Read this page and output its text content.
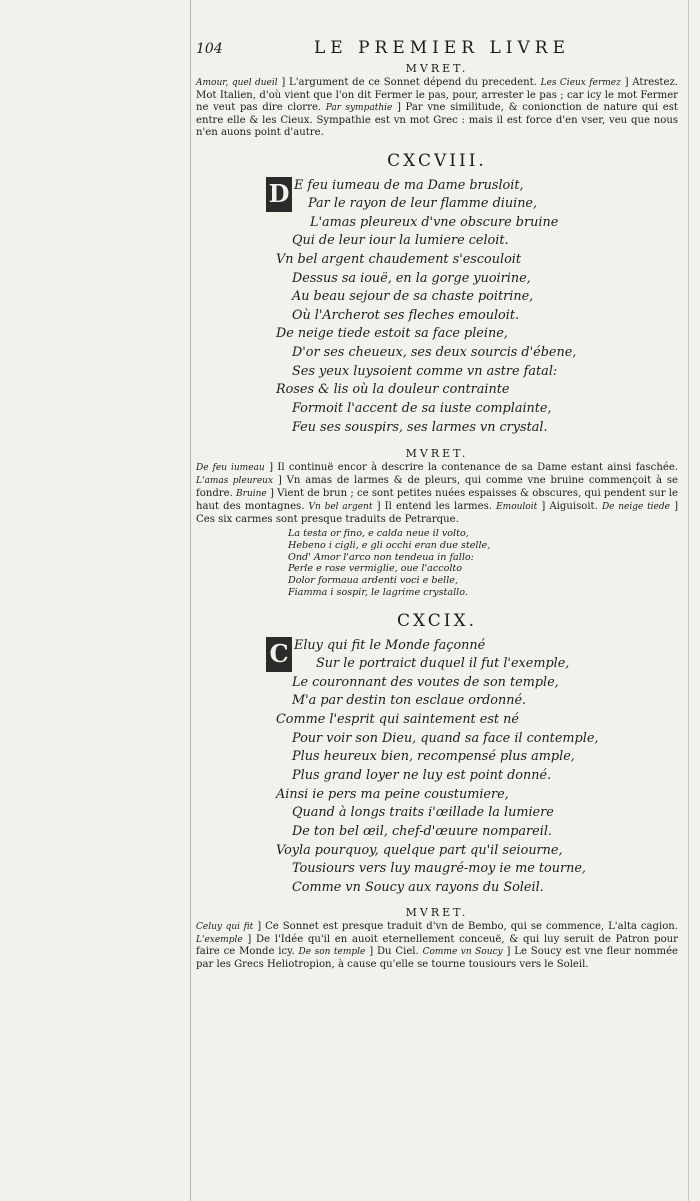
104	LE PREMIER LIVRE
MVRET.
Amour, quel dueil ] L'argument de ce Sonnet dépend du precedent. Les Cieux fermez ] Atrestez. Mot Italien, d'où vient que l'on dit Fermer le pas, pour, arrester le pas ; car icy le mot Fermer ne veut pas dire clorre. Par sympathie ] Par vne similitude, & conionction de nature qui est entre elle & les Cieux. Sympathie est vn mot Grec : mais il est force d'en vser, veu que nous n'en auons point d'autre.
CXCVIII.
D E feu iumeau de ma Dame brusloit,
Par le rayon de leur flamme diuine,
L'amas pleureux d'vne obscure bruine
Qui de leur iour la lumiere celoit.
Vn bel argent chaudement s'escouloit
Dessus sa iouë, en la gorge yuoirine,
Au beau sejour de sa chaste poitrine,
Où l'Archerot ses fleches emouloit.
De neige tiede estoit sa face pleine,
D'or ses cheueux, ses deux sourcis d'ébene,
Ses yeux luysoient comme vn astre fatal:
Roses & lis où la douleur contrainte
Formoit l'accent de sa iuste complainte,
Feu ses souspirs, ses larmes vn crystal.
MVRET.
De feu iumeau ] Il continuë encor à descrire la contenance de sa Dame estant ainsi faschée. L'amas pleureux ] Vn amas de larmes & de pleurs, qui comme vne bruine commençoit à se fondre. Bruine ] Vient de brun ; ce sont petites nuées espaisses & obscures, qui pendent sur le haut des montagnes. Vn bel argent ] Il entend les larmes. Emouloit ] Aiguisoit. De neige tiede ] Ces six carmes sont presque traduits de Petrarque.
La testa or fino, e calda neue il volto,
Hebeno i cigli, e gli occhi eran due stelle,
Ond' Amor l'arco non tendeua in fallo:
Perle e rose vermiglie, oue l'accolto
Dolor formaua ardenti voci e belle,
Fiamma i sospir, le lagrime crystallo.
CXCIX.
C Eluy qui fit le Monde façonné
Sur le portraict duquel il fut l'exemple,
Le couronnant des voutes de son temple,
M'a par destin ton esclaue ordonné.
Comme l'esprit qui saintement est né
Pour voir son Dieu, quand sa face il contemple,
Plus heureux bien, recompensé plus ample,
Plus grand loyer ne luy est point donné.
Ainsi ie pers ma peine coustumiere,
Quand à longs traits i'œillade la lumiere
De ton bel œil, chef-d'œuure nompareil.
Voyla pourquoy, quelque part qu'il seiourne,
Tousiours vers luy maugré-moy ie me tourne,
Comme vn Soucy aux rayons du Soleil.
MVRET.
Celuy qui fit ] Ce Sonnet est presque traduit d'vn de Bembo, qui se commence, L'alta cagion. L'exemple ] De l'Idée qu'il en auoit eternellement conceuë, & qui luy seruit de Patron pour faire ce Monde icy. De son temple ] Du Ciel. Comme vn Soucy ] Le Soucy est vne fleur nommée par les Grecs Heliotropion, à cause qu'elle se tourne tousiours vers le Soleil.
